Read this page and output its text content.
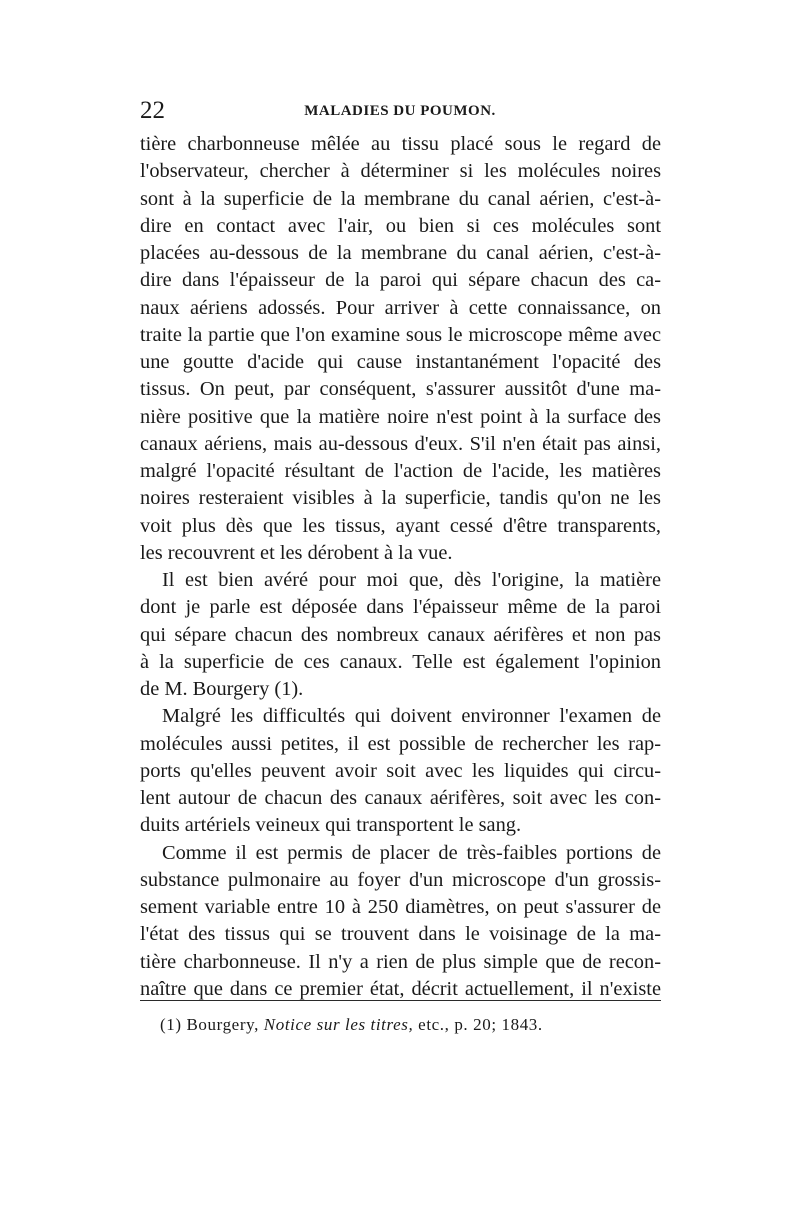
22	MALADIES DU POUMON.
tière charbonneuse mêlée au tissu placé sous le regard de
l'observateur, chercher à déterminer si les molécules noires
sont à la superficie de la membrane du canal aérien, c'est-à-
dire en contact avec l'air, ou bien si ces molécules sont
placées au-dessous de la membrane du canal aérien, c'est-à-
dire dans l'épaisseur de la paroi qui sépare chacun des ca-
naux aériens adossés. Pour arriver à cette connaissance, on
traite la partie que l'on examine sous le microscope même avec
une goutte d'acide qui cause instantanément l'opacité des
tissus. On peut, par conséquent, s'assurer aussitôt d'une ma-
nière positive que la matière noire n'est point à la surface des
canaux aériens, mais au-dessous d'eux. S'il n'en était pas ainsi,
malgré l'opacité résultant de l'action de l'acide, les matières
noires resteraient visibles à la superficie, tandis qu'on ne les
voit plus dès que les tissus, ayant cessé d'être transparents,
les recouvrent et les dérobent à la vue.
Il est bien avéré pour moi que, dès l'origine, la matière
dont je parle est déposée dans l'épaisseur même de la paroi
qui sépare chacun des nombreux canaux aérifères et non pas
à la superficie de ces canaux. Telle est également l'opinion
de M. Bourgery (1).
Malgré les difficultés qui doivent environner l'examen de
molécules aussi petites, il est possible de rechercher les rap-
ports qu'elles peuvent avoir soit avec les liquides qui circu-
lent autour de chacun des canaux aérifères, soit avec les con-
duits artériels veineux qui transportent le sang.
Comme il est permis de placer de très-faibles portions de
substance pulmonaire au foyer d'un microscope d'un grossis-
sement variable entre 10 à 250 diamètres, on peut s'assurer de
l'état des tissus qui se trouvent dans le voisinage de la ma-
tière charbonneuse. Il n'y a rien de plus simple que de recon-
naître que dans ce premier état, décrit actuellement, il n'existe
(1) Bourgery, Notice sur les titres, etc., p. 20; 1843.
